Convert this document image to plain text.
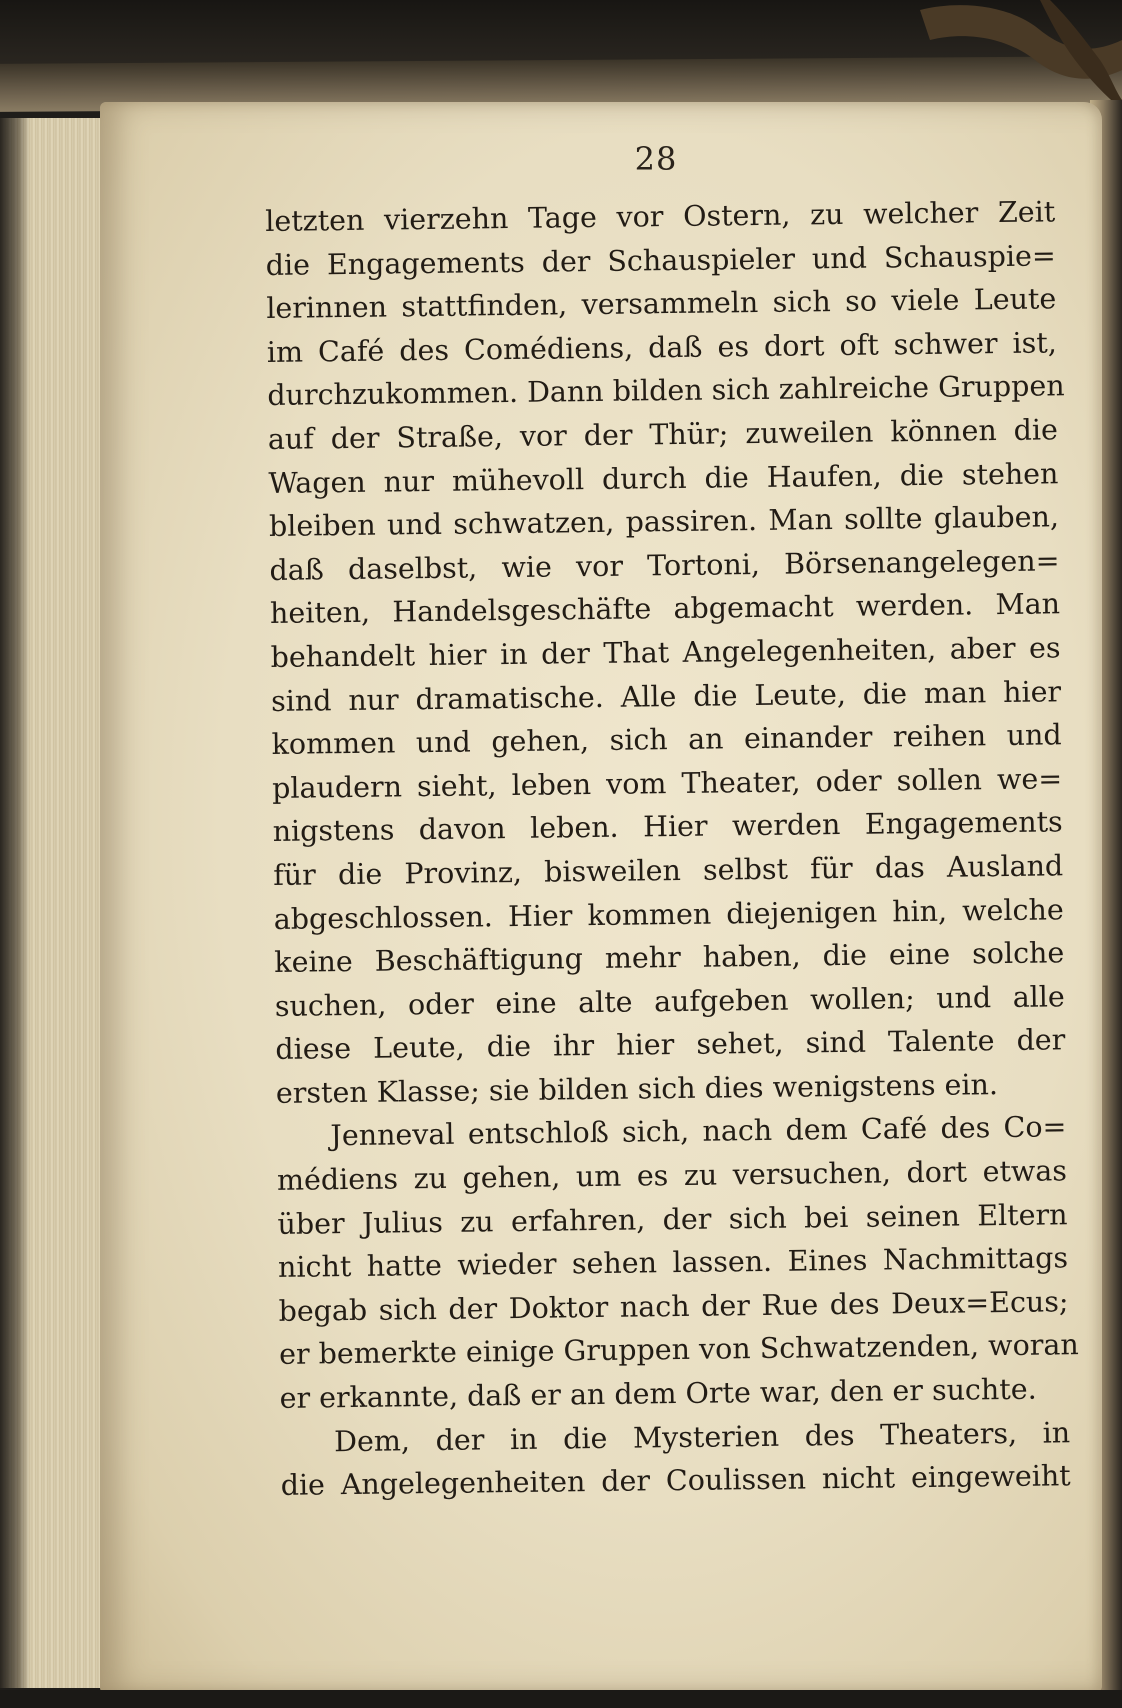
28
letzten vierzehn Tage vor Ostern, zu welcher Zeit
die Engagements der Schauspieler und Schauspie=
lerinnen stattfinden, versammeln sich so viele Leute
im Café des Comédiens, daß es dort oft schwer ist,
durchzukommen. Dann bilden sich zahlreiche Gruppen
auf der Straße, vor der Thür; zuweilen können die
Wagen nur mühevoll durch die Haufen, die stehen
bleiben und schwatzen, passiren. Man sollte glauben,
daß daselbst, wie vor Tortoni, Börsenangelegen=
heiten, Handelsgeschäfte abgemacht werden. Man
behandelt hier in der That Angelegenheiten, aber es
sind nur dramatische. Alle die Leute, die man hier
kommen und gehen, sich an einander reihen und
plaudern sieht, leben vom Theater, oder sollen we=
nigstens davon leben. Hier werden Engagements
für die Provinz, bisweilen selbst für das Ausland
abgeschlossen. Hier kommen diejenigen hin, welche
keine Beschäftigung mehr haben, die eine solche
suchen, oder eine alte aufgeben wollen; und alle
diese Leute, die ihr hier sehet, sind Talente der
ersten Klasse; sie bilden sich dies wenigstens ein.
Jenneval entschloß sich, nach dem Café des Co=
médiens zu gehen, um es zu versuchen, dort etwas
über Julius zu erfahren, der sich bei seinen Eltern
nicht hatte wieder sehen lassen. Eines Nachmittags
begab sich der Doktor nach der Rue des Deux=Ecus;
er bemerkte einige Gruppen von Schwatzenden, woran
er erkannte, daß er an dem Orte war, den er suchte.
Dem, der in die Mysterien des Theaters, in
die Angelegenheiten der Coulissen nicht eingeweiht
